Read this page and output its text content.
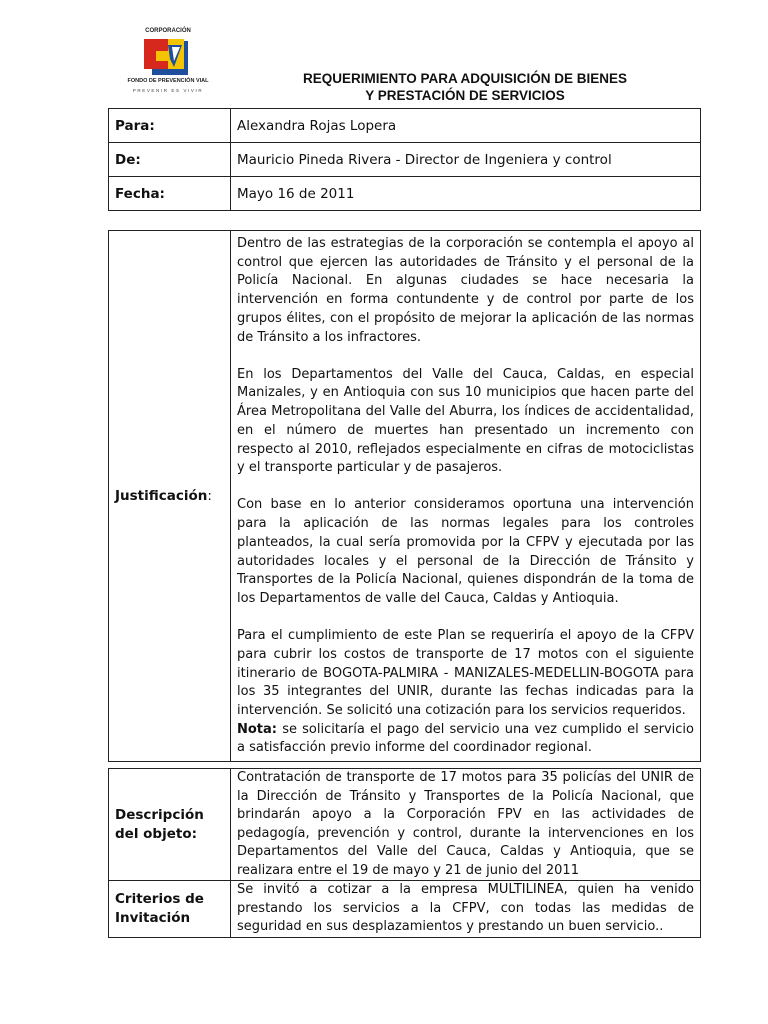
CORPORACIÓN
FONDO DE PREVENCIÓN VIAL
PREVENIR ES VIVIR
REQUERIMIENTO PARA ADQUISICIÓN DE BIENES
Y PRESTACIÓN DE SERVICIOS
Para:	Alexandra Rojas Lopera
De:	Mauricio Pineda Rivera - Director de Ingeniera y control
Fecha:	Mayo 16 de 2011
Justificación:	

Dentro de las estrategias de la corporación se contempla el apoyo al control que ejercen las autoridades de Tránsito y el personal de la Policía Nacional. En algunas ciudades se hace necesaria la intervención en forma contundente y de control por parte de los grupos élites, con el propósito de mejorar la aplicación de las normas de Tránsito a los infractores.

En los Departamentos del Valle del Cauca, Caldas, en especial Manizales, y en Antioquia con sus 10 municipios que hacen parte del Área Metropolitana del Valle del Aburra, los índices de accidentalidad, en el número de muertes han presentado un incremento con respecto al 2010, reflejados especialmente en cifras de motociclistas y el transporte particular y de pasajeros.

Con base en lo anterior consideramos oportuna una intervención para la aplicación de las normas legales para los controles planteados, la cual sería promovida por la CFPV y ejecutada por las autoridades locales y el personal de la Dirección de Tránsito y Transportes de la Policía Nacional, quienes dispondrán de la toma de los Departamentos de valle del Cauca, Caldas y Antioquia.

Para el cumplimiento de este Plan se requeriría el apoyo de la CFPV para cubrir los costos de transporte de 17 motos con el siguiente itinerario de BOGOTA-PALMIRA - MANIZALES-MEDELLIN-BOGOTA para los 35 integrantes del UNIR, durante las fechas indicadas para la intervención. Se solicitó una cotización para los servicios requeridos.
Nota: se solicitaría el pago del servicio una vez cumplido el servicio a satisfacción previo informe del coordinador regional.

Descripción del objeto:	Contratación de transporte de 17 motos para 35 policías del UNIR de la Dirección de Tránsito y Transportes de la Policía Nacional, que brindarán apoyo a la Corporación FPV en las actividades de pedagogía, prevención y control, durante la intervenciones en los Departamentos del Valle del Cauca, Caldas y Antioquia, que se realizara entre el 19 de mayo y 21 de junio del 2011
Criterios de Invitación	Se invitó a cotizar a la empresa MULTILINEA, quien ha venido prestando los servicios a la CFPV, con todas las medidas de seguridad en sus desplazamientos y prestando un buen servicio..
